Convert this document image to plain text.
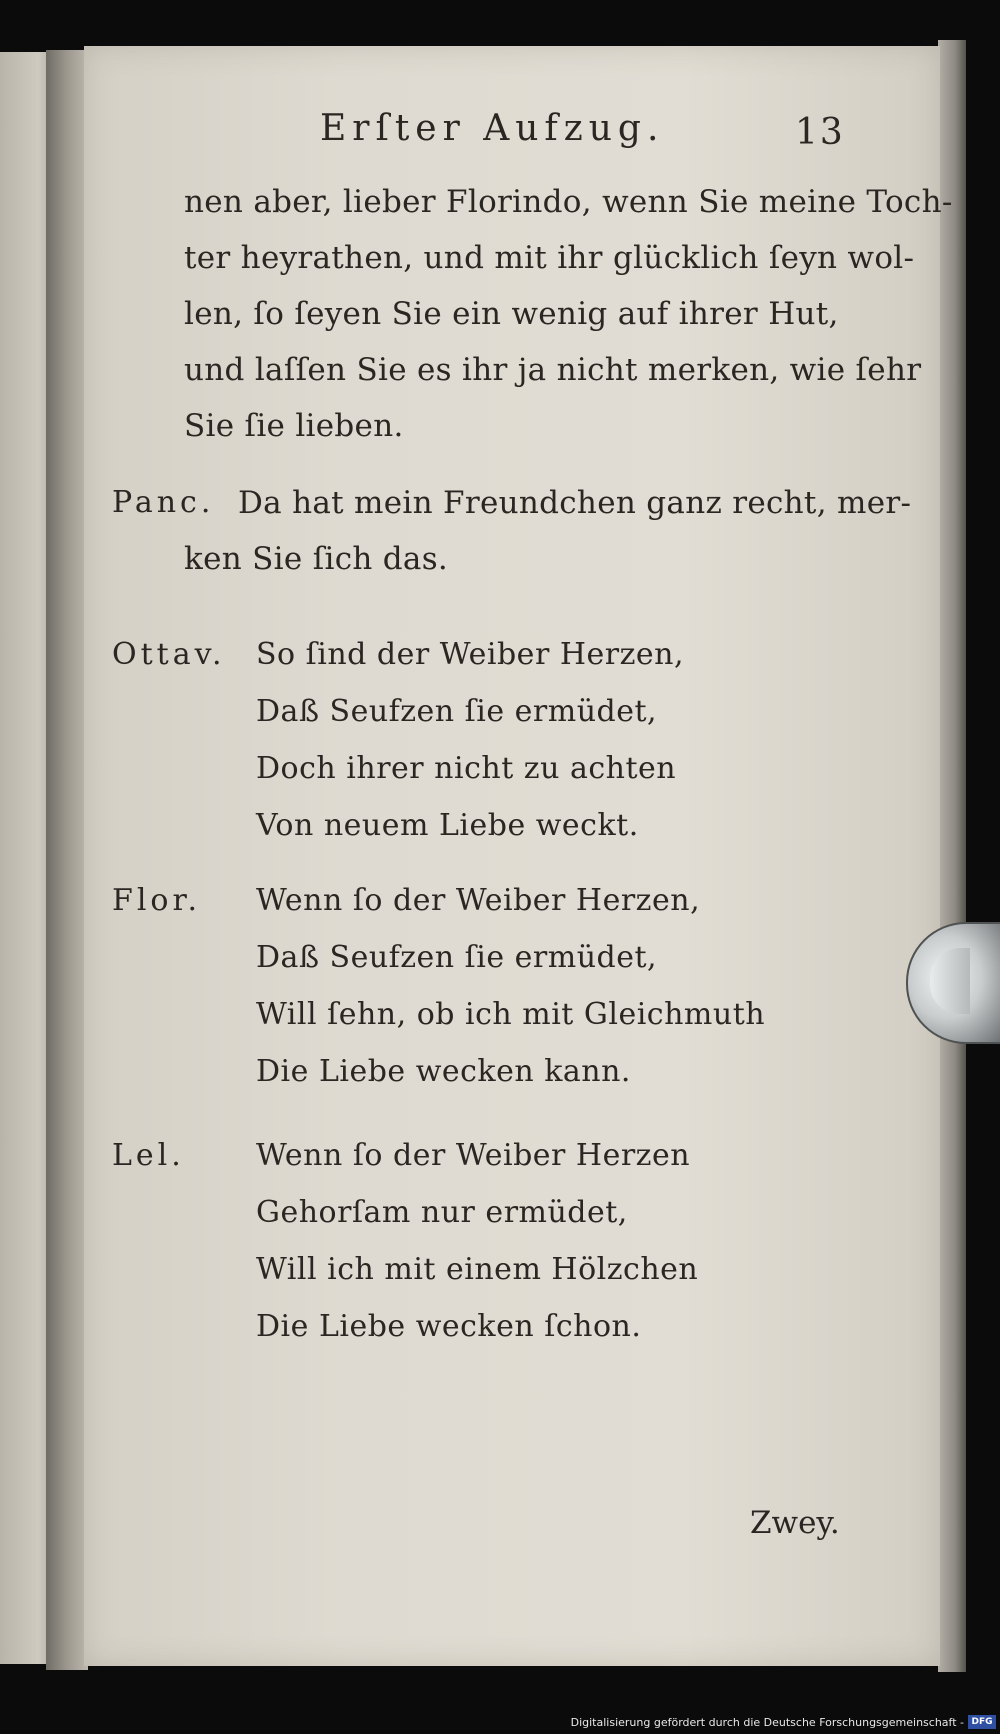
Erſter Aufzug.	13
nen aber, lieber Florindo, wenn Sie meine Toch-
ter heyrathen, und mit ihr glücklich ſeyn wol-
len, ſo ſeyen Sie ein wenig auf ihrer Hut,
und laſſen Sie es ihr ja nicht merken, wie ſehr
Sie ſie lieben.
Panc. Da hat mein Freundchen ganz recht, mer-
ken Sie ſich das.
Ottav. So ſind der Weiber Herzen,
Daß Seufzen ſie ermüdet,
Doch ihrer nicht zu achten
Von neuem Liebe weckt.
Flor. Wenn ſo der Weiber Herzen,
Daß Seufzen ſie ermüdet,
Will ſehn, ob ich mit Gleichmuth
Die Liebe wecken kann.
Lel. Wenn ſo der Weiber Herzen
Gehorſam nur ermüdet,
Will ich mit einem Hölzchen
Die Liebe wecken ſchon.
Zwey.
Digitalisierung gefördert durch die Deutsche Forschungsgemeinschaft - DFG
